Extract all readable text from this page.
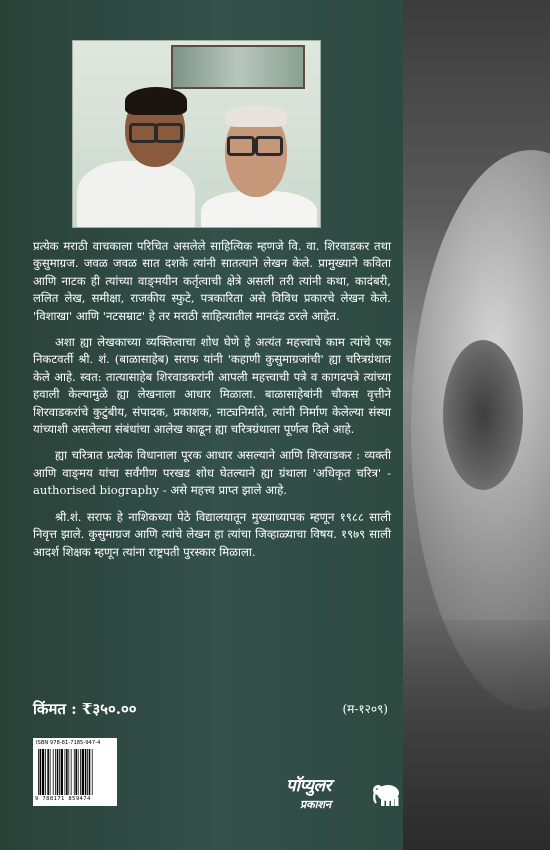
प्रत्येक मराठी वाचकाला परिचित असलेले साहित्यिक म्हणजे वि. वा. शिरवाडकर तथा कुसुमाग्रज. जवळ जवळ सात दशके त्यांनी सातत्याने लेखन केले. प्रामुख्याने कविता आणि नाटक ही त्यांच्या वाङ्‌मयीन कर्तृत्वाची क्षेत्रे असली तरी त्यांनी कथा, कादंबरी, ललित लेख, समीक्षा, राजकीय स्फुटे, पत्रकारिता असे विविध प्रकारचे लेखन केले. 'विशाखा' आणि 'नटसम्राट' हे तर मराठी साहित्यातील मानदंड ठरले आहेत.

अशा ह्या लेखकाच्या व्यक्तित्वाचा शोध घेणे हे अत्यंत महत्त्वाचे काम त्यांचे एक निकटवर्ती श्री. शं. (बाळासाहेब) सराफ यांनी 'कहाणी कुसुमाग्रजांची' ह्या चरित्रग्रंथात केले आहे. स्वत: तात्यासाहेब शिरवाडकरांनी आपली महत्त्वाची पत्रे व कागदपत्रे त्यांच्या हवाली केल्यामुळे ह्या लेखनाला आधार मिळाला. बाळासाहेबांनी चौकस वृत्तीने शिरवाडकरांचे कुटुंबीय, संपादक, प्रकाशक, नाट्यनिर्माते, त्यांनी निर्माण केलेल्या संस्था यांच्याशी असलेल्या संबंधांचा आलेख काढून ह्या चरित्रग्रंथाला पूर्णत्व दिले आहे.

ह्या चरित्रात प्रत्येक विधानाला पूरक आधार असल्याने आणि शिरवाडकर : व्यक्ती आणि वाङ्‌मय यांचा सर्वंगीण परखड शोध घेतल्याने ह्या ग्रंथाला 'अधिकृत चरित्र' - authorised biography - असे महत्त्व प्राप्त झाले आहे.

श्री.शं. सराफ हे नाशिकच्या पेठे विद्यालयातून मुख्याध्यापक म्हणून १९८८ साली निवृत्त झाले. कुसुमाग्रज आणि त्यांचे लेखन हा त्यांचा जिव्हाळ्याचा विषय. १९७९ साली आदर्श शिक्षक म्हणून त्यांना राष्ट्रपती पुरस्कार मिळाला.

किंमत : ₹३५०.००	(म-१२०९)
ISBN 978-81-7185-947-4
9 788171 859474
पॉप्युलर
प्रकाशन
